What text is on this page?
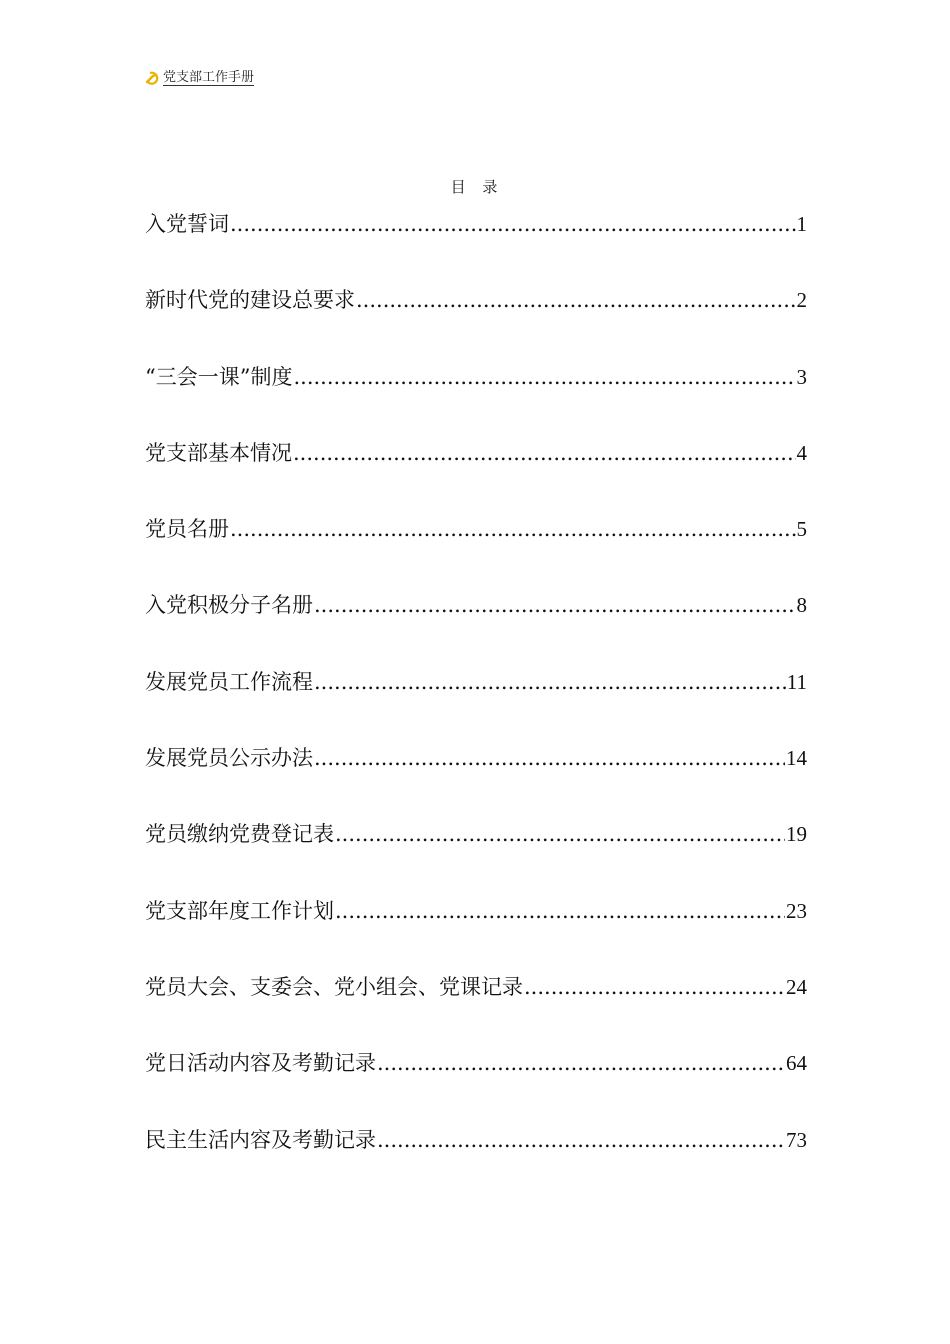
党支部工作手册
目 录
入党誓词 .....	1
新时代党的建设总要求 .....	2
“三会一课”制度 .....	3
党支部基本情况 .....	4
党员名册 .....	5
入党积极分子名册 .....	8
发展党员工作流程 .....	11
发展党员公示办法 .....	14
党员缴纳党费登记表 .....	19
党支部年度工作计划 .....	23
党员大会、支委会、党小组会、党课记录 .....	24
党日活动内容及考勤记录 .....	64
民主生活内容及考勤记录 .....	73
